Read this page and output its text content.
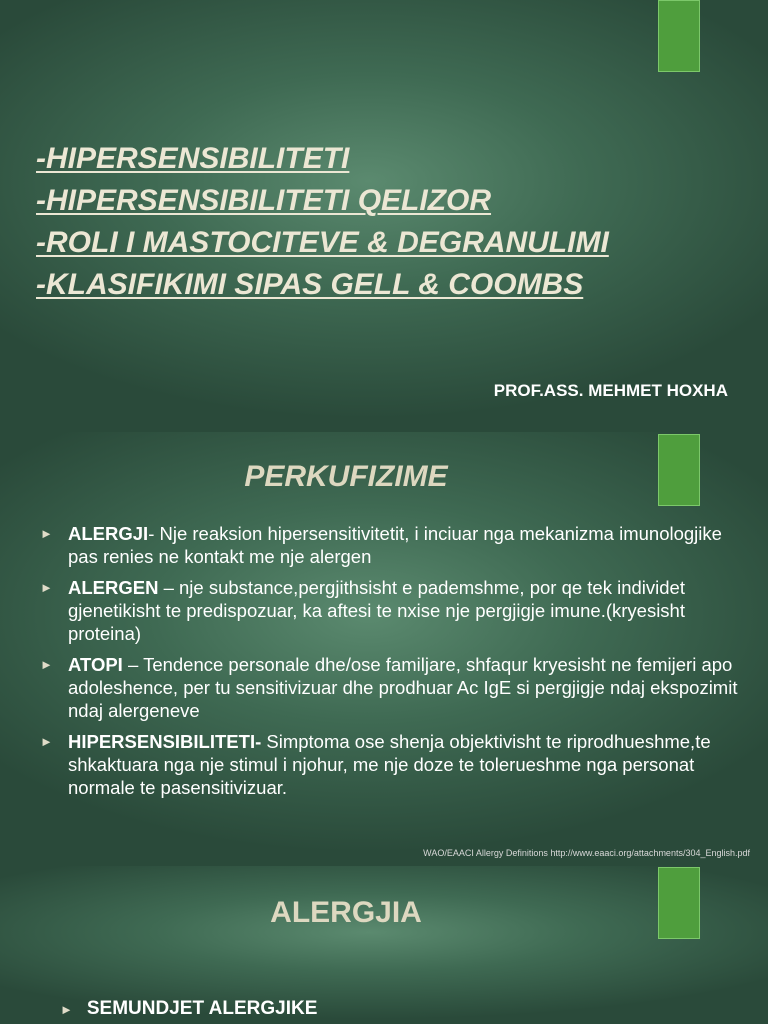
-HIPERSENSIBILITETI
-HIPERSENSIBILITETI QELIZOR
-ROLI I MASTOCITEVE & DEGRANULIMI
-KLASIFIKIMI SIPAS GELL & COOMBS
PROF.ASS. MEHMET HOXHA
PERKUFIZIME
► ALERGJI- Nje reaksion hipersensitivitetit, i inciuar nga mekanizma imunologjike pas renies ne kontakt me nje alergen
► ALERGEN – nje substance,pergjithsisht e pademshme, por qe tek individet gjenetikisht te predispozuar, ka aftesi te nxise nje pergjigje imune.(kryesisht proteina)
► ATOPI – Tendence personale dhe/ose familjare, shfaqur kryesisht ne femijeri apo adoleshence, per tu sensitivizuar dhe prodhuar Ac IgE si pergjigje ndaj ekspozimit ndaj alergeneve
► HIPERSENSIBILITETI- Simptoma ose shenja objektivisht te riprodhueshme,te shkaktuara nga nje stimul i njohur, me nje doze te tolerueshme nga personat normale te pasensitivizuar.
WAO/EAACI Allergy Definitions http://www.eaaci.org/attachments/304_English.pdf
ALERGJIA
► SEMUNDJET ALERGJIKE
